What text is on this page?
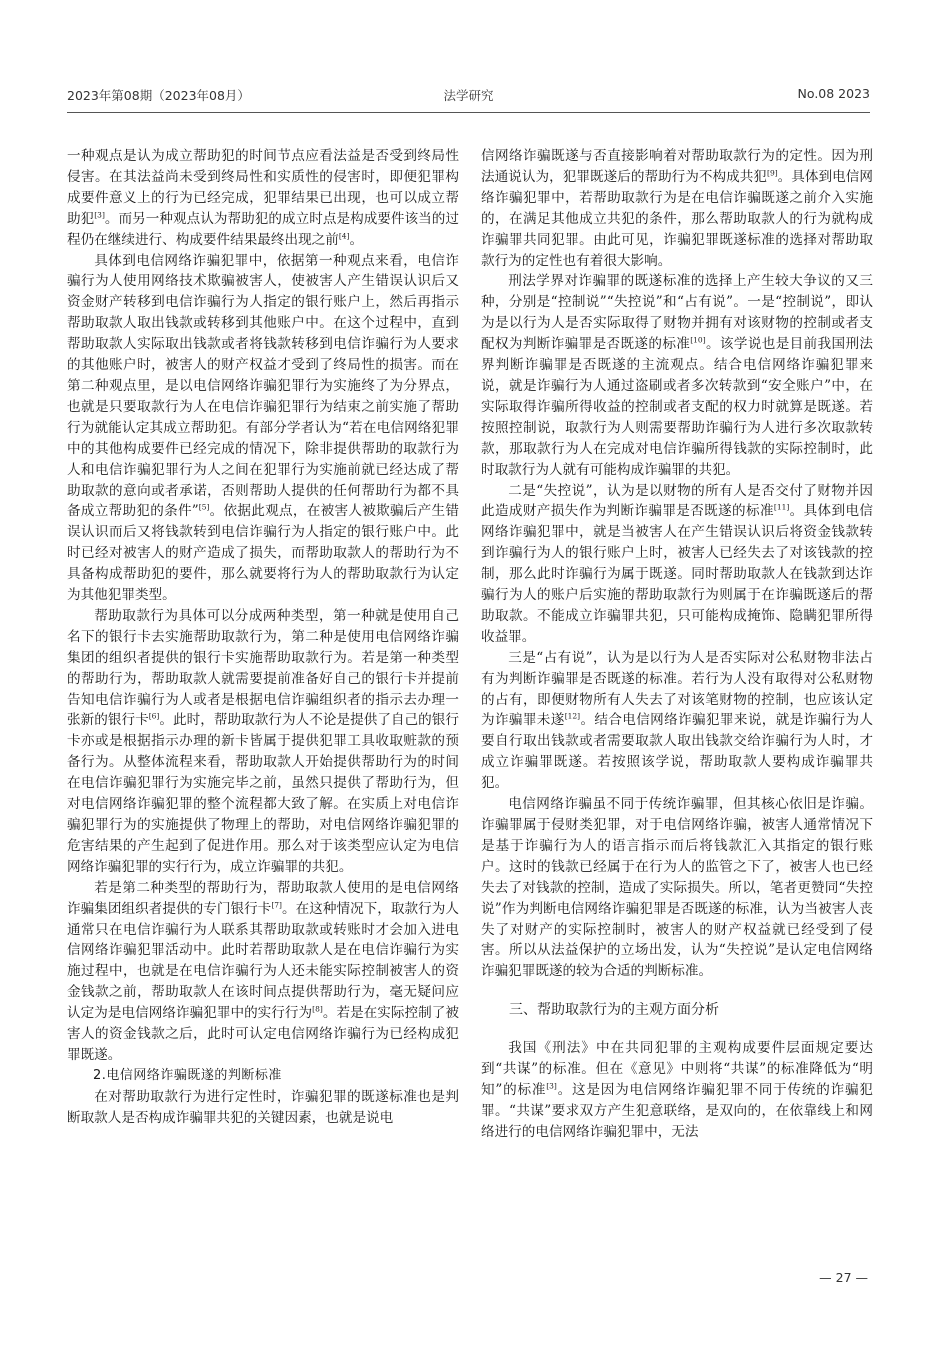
2023年第08期（2023年08月）	法学研究	No.08 2023

一种观点是认为成立帮助犯的时间节点应看法益是否受到终局性侵害。在其法益尚未受到终局性和实质性的侵害时，即便犯罪构成要件意义上的行为已经完成，犯罪结果已出现，也可以成立帮助犯[3]。而另一种观点认为帮助犯的成立时点是构成要件该当的过程仍在继续进行、构成要件结果最终出现之前[4]。

具体到电信网络诈骗犯罪中，依据第一种观点来看，电信诈骗行为人使用网络技术欺骗被害人，使被害人产生错误认识后又资金财产转移到电信诈骗行为人指定的银行账户上，然后再指示帮助取款人取出钱款或转移到其他账户中。在这个过程中，直到帮助取款人实际取出钱款或者将钱款转移到电信诈骗行为人要求的其他账户时，被害人的财产权益才受到了终局性的损害。而在第二种观点里，是以电信网络诈骗犯罪行为实施终了为分界点，也就是只要取款行为人在电信诈骗犯罪行为结束之前实施了帮助行为就能认定其成立帮助犯。有部分学者认为“若在电信网络犯罪中的其他构成要件已经完成的情况下，除非提供帮助的取款行为人和电信诈骗犯罪行为人之间在犯罪行为实施前就已经达成了帮助取款的意向或者承诺，否则帮助人提供的任何帮助行为都不具备成立帮助犯的条件”[5]。依据此观点，在被害人被欺骗后产生错误认识而后又将钱款转到电信诈骗行为人指定的银行账户中。此时已经对被害人的财产造成了损失，而帮助取款人的帮助行为不具备构成帮助犯的要件，那么就要将行为人的帮助取款行为认定为其他犯罪类型。

帮助取款行为具体可以分成两种类型，第一种就是使用自己名下的银行卡去实施帮助取款行为，第二种是使用电信网络诈骗集团的组织者提供的银行卡实施帮助取款行为。若是第一种类型的帮助行为，帮助取款人就需要提前准备好自己的银行卡并提前告知电信诈骗行为人或者是根据电信诈骗组织者的指示去办理一张新的银行卡[6]。此时，帮助取款行为人不论是提供了自己的银行卡亦或是根据指示办理的新卡皆属于提供犯罪工具收取赃款的预备行为。从整体流程来看，帮助取款人开始提供帮助行为的时间在电信诈骗犯罪行为实施完毕之前，虽然只提供了帮助行为，但对电信网络诈骗犯罪的整个流程都大致了解。在实质上对电信诈骗犯罪行为的实施提供了物理上的帮助，对电信网络诈骗犯罪的危害结果的产生起到了促进作用。那么对于该类型应认定为电信网络诈骗犯罪的实行行为，成立诈骗罪的共犯。

若是第二种类型的帮助行为，帮助取款人使用的是电信网络诈骗集团组织者提供的专门银行卡[7]。在这种情况下，取款行为人通常只在电信诈骗行为人联系其帮助取款或转账时才会加入进电信网络诈骗犯罪活动中。此时若帮助取款人是在电信诈骗行为实施过程中，也就是在电信诈骗行为人还未能实际控制被害人的资金钱款之前，帮助取款人在该时间点提供帮助行为，毫无疑问应认定为是电信网络诈骗犯罪中的实行行为[8]。若是在实际控制了被害人的资金钱款之后，此时可认定电信网络诈骗行为已经构成犯罪既遂。

2.电信网络诈骗既遂的判断标准

在对帮助取款行为进行定性时，诈骗犯罪的既遂标准也是判断取款人是否构成诈骗罪共犯的关键因素，也就是说电

信网络诈骗既遂与否直接影响着对帮助取款行为的定性。因为刑法通说认为，犯罪既遂后的帮助行为不构成共犯[9]。具体到电信网络诈骗犯罪中，若帮助取款行为是在电信诈骗既遂之前介入实施的，在满足其他成立共犯的条件，那么帮助取款人的行为就构成诈骗罪共同犯罪。由此可见，诈骗犯罪既遂标准的选择对帮助取款行为的定性也有着很大影响。

刑法学界对诈骗罪的既遂标准的选择上产生较大争议的又三种，分别是“控制说”“失控说”和“占有说”。一是“控制说”，即认为是以行为人是否实际取得了财物并拥有对该财物的控制或者支配权为判断诈骗罪是否既遂的标准[10]。该学说也是目前我国刑法界判断诈骗罪是否既遂的主流观点。结合电信网络诈骗犯罪来说，就是诈骗行为人通过盗刷或者多次转款到“安全账户”中，在实际取得诈骗所得收益的控制或者支配的权力时就算是既遂。若按照控制说，取款行为人则需要帮助诈骗行为人进行多次取款转款，那取款行为人在完成对电信诈骗所得钱款的实际控制时，此时取款行为人就有可能构成诈骗罪的共犯。

二是“失控说”，认为是以财物的所有人是否交付了财物并因此造成财产损失作为判断诈骗罪是否既遂的标准[11]。具体到电信网络诈骗犯罪中，就是当被害人在产生错误认识后将资金钱款转到诈骗行为人的银行账户上时，被害人已经失去了对该钱款的控制，那么此时诈骗行为属于既遂。同时帮助取款人在钱款到达诈骗行为人的账户后实施的帮助取款行为则属于在诈骗既遂后的帮助取款。不能成立诈骗罪共犯，只可能构成掩饰、隐瞒犯罪所得收益罪。

三是“占有说”，认为是以行为人是否实际对公私财物非法占有为判断诈骗罪是否既遂的标准。若行为人没有取得对公私财物的占有，即便财物所有人失去了对该笔财物的控制，也应该认定为诈骗罪未遂[12]。结合电信网络诈骗犯罪来说，就是诈骗行为人要自行取出钱款或者需要取款人取出钱款交给诈骗行为人时，才成立诈骗罪既遂。若按照该学说，帮助取款人要构成诈骗罪共犯。

电信网络诈骗虽不同于传统诈骗罪，但其核心依旧是诈骗。诈骗罪属于侵财类犯罪，对于电信网络诈骗，被害人通常情况下是基于诈骗行为人的语言指示而后将钱款汇入其指定的银行账户。这时的钱款已经属于在行为人的监管之下了，被害人也已经失去了对钱款的控制，造成了实际损失。所以，笔者更赞同“失控说”作为判断电信网络诈骗犯罪是否既遂的标准，认为当被害人丧失了对财产的实际控制时，被害人的财产权益就已经受到了侵害。所以从法益保护的立场出发，认为“失控说”是认定电信网络诈骗犯罪既遂的较为合适的判断标准。

三、帮助取款行为的主观方面分析

我国《刑法》中在共同犯罪的主观构成要件层面规定要达到“共谋”的标准。但在《意见》中则将“共谋”的标准降低为“明知”的标准[3]。这是因为电信网络诈骗犯罪不同于传统的诈骗犯罪。“共谋”要求双方产生犯意联络，是双向的，在依靠线上和网络进行的电信网络诈骗犯罪中，无法

— 27 —
